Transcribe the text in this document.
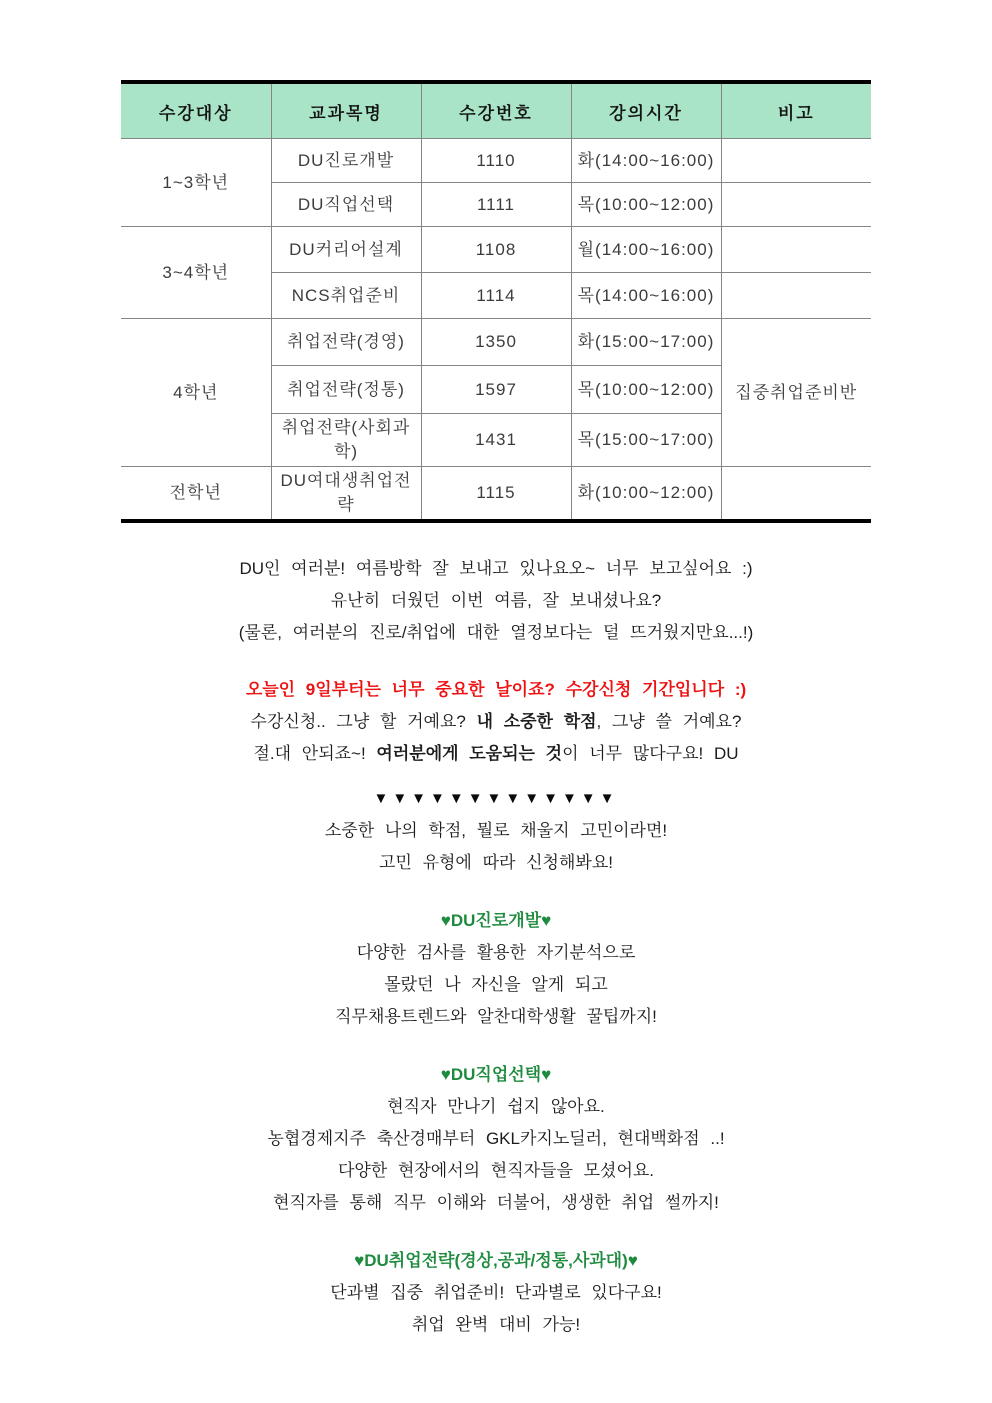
수강대상	교과목명	수강번호	강의시간	비고
1~3학년	DU진로개발	1110	화(14:00~16:00)	
	DU직업선택	1111	목(10:00~12:00)	
3~4학년	DU커리어설계	1108	월(14:00~16:00)	
	NCS취업준비	1114	목(14:00~16:00)	
4학년	취업전략(경영)	1350	화(15:00~17:00)	집중취업준비반
	취업전략(정통)	1597	목(10:00~12:00)	
	취업전략(사회과학)	1431	목(15:00~17:00)	
전학년	DU여대생취업전략	1115	화(10:00~12:00)	

DU인 여러분! 여름방학 잘 보내고 있나요오~ 너무 보고싶어요 :)

유난히 더웠던 이번 여름, 잘 보내셨나요?

(물론, 여러분의 진로/취업에 대한 열정보다는 덜 뜨거웠지만요...!)

오늘인 9일부터는 너무 중요한 날이죠? 수강신청 기간입니다 :)

수강신청.. 그냥 할 거예요? 내 소중한 학점, 그냥 쓸 거예요?

절.대 안되죠~! 여러분에게 도움되는 것이 너무 많다구요! DU

▼▼▼▼▼▼▼▼▼▼▼▼▼

소중한 나의 학점, 뭘로 채울지 고민이라면!

고민 유형에 따라 신청해봐요!

♥DU진로개발♥

다양한 검사를 활용한 자기분석으로

몰랐던 나 자신을 알게 되고

직무채용트렌드와 알찬대학생활 꿀팁까지!

♥DU직업선택♥

현직자 만나기 쉽지 않아요.

농협경제지주 축산경매부터 GKL카지노딜러, 현대백화점 ..!

다양한 현장에서의 현직자들을 모셨어요.

현직자를 통해 직무 이해와 더불어, 생생한 취업 썰까지!

♥DU취업전략(경상,공과/정통,사과대)♥

단과별 집중 취업준비! 단과별로 있다구요!

취업 완벽 대비 가능!
